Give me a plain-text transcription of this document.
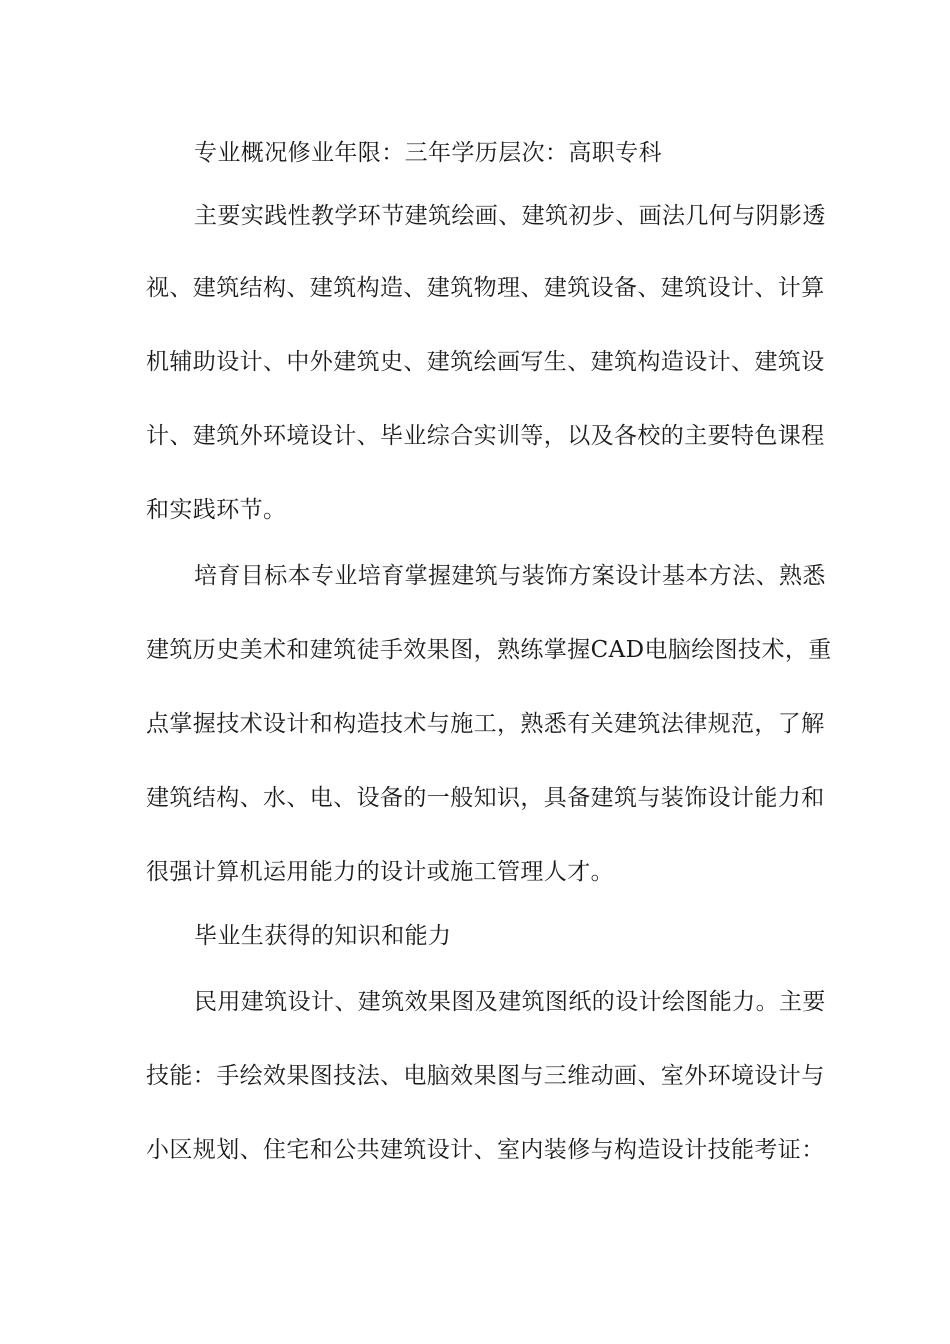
专业概况修业年限：三年学历层次：高职专科
主要实践性教学环节建筑绘画、建筑初步、画法几何与阴影透
视、建筑结构、建筑构造、建筑物理、建筑设备、建筑设计、计算
机辅助设计、中外建筑史、建筑绘画写生、建筑构造设计、建筑设
计、建筑外环境设计、毕业综合实训等，以及各校的主要特色课程
和实践环节。
培育目标本专业培育掌握建筑与装饰方案设计基本方法、熟悉
建筑历史美术和建筑徒手效果图，熟练掌握CAD电脑绘图技术，重
点掌握技术设计和构造技术与施工，熟悉有关建筑法律规范，了解
建筑结构、水、电、设备的一般知识，具备建筑与装饰设计能力和
很强计算机运用能力的设计或施工管理人才。
毕业生获得的知识和能力
民用建筑设计、建筑效果图及建筑图纸的设计绘图能力。主要
技能：手绘效果图技法、电脑效果图与三维动画、室外环境设计与
小区规划、住宅和公共建筑设计、室内装修与构造设计技能考证：
